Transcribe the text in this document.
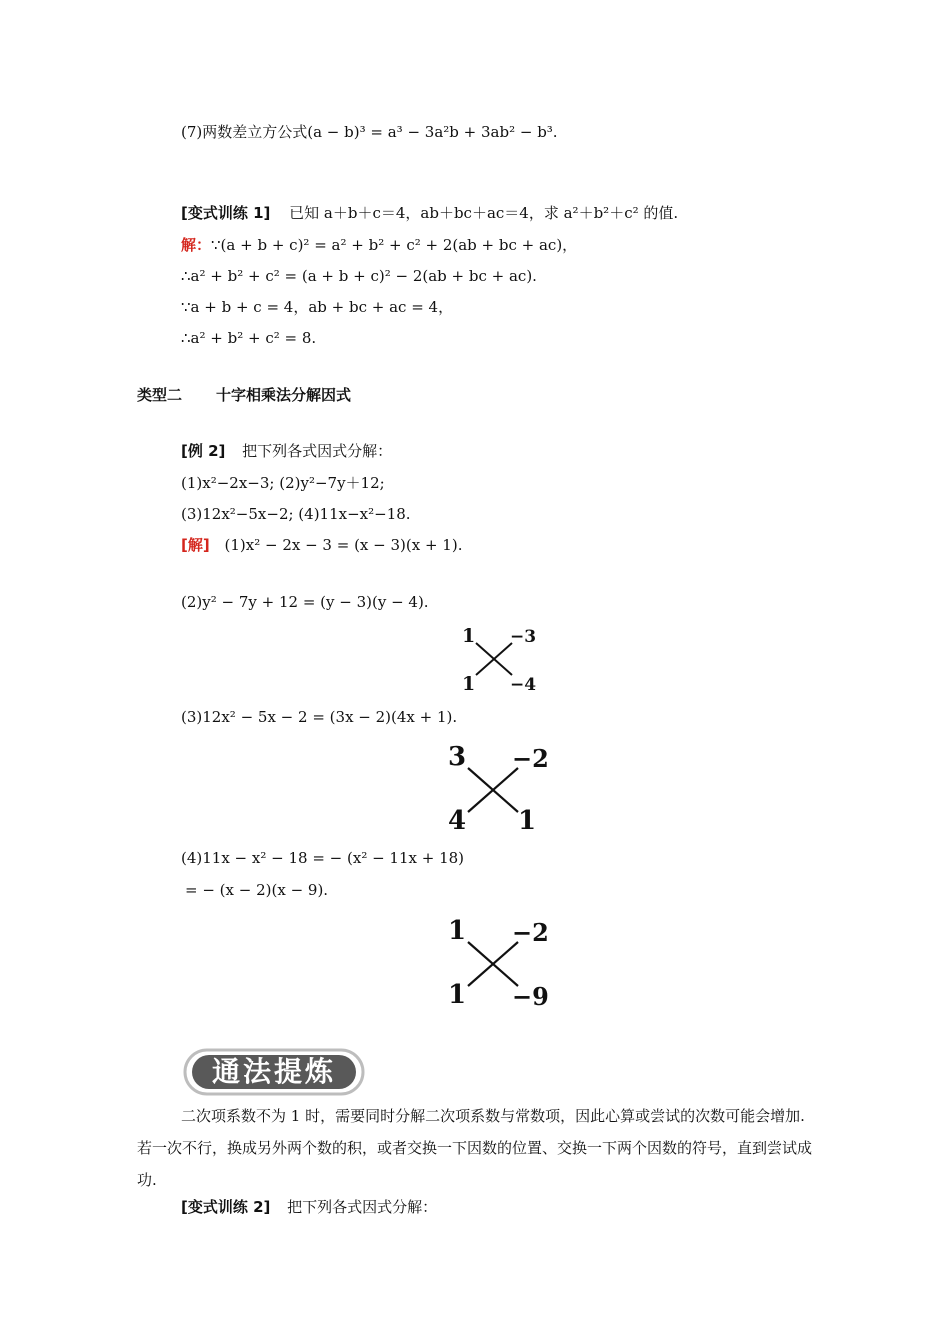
(7)两数差立方公式(a − b)³ = a³ − 3a²b + 3ab² − b³.
[变式训练 1] 已知 a＋b＋c＝4，ab＋bc＋ac＝4，求 a²＋b²＋c² 的值.
解：∵(a + b + c)² = a² + b² + c² + 2(ab + bc + ac)，
∴a² + b² + c² = (a + b + c)² − 2(ab + bc + ac).
∵a + b + c = 4，ab + bc + ac = 4，
∴a² + b² + c² = 8.
类型二 十字相乘法分解因式
[例 2] 把下列各式因式分解：
(1)x²−2x−3; (2)y²−7y＋12;
(3)12x²−5x−2; (4)11x−x²−18.
[解] (1)x² − 2x − 3 = (x − 3)(x + 1).
(2)y² − 7y + 12 = (y − 3)(y − 4).
1 −3
1 −4
(3)12x² − 5x − 2 = (3x − 2)(4x + 1).
3 −2
4 1
(4)11x − x² − 18 = − (x² − 11x + 18)
= − (x − 2)(x − 9).
1 −2
1 −9
通法提炼
二次项系数不为 1 时，需要同时分解二次项系数与常数项，因此心算或尝试的次数可能会增加.若一次不行，换成另外两个数的积，或者交换一下因数的位置、交换一下两个因数的符号，直到尝试成功.
[变式训练 2] 把下列各式因式分解：
